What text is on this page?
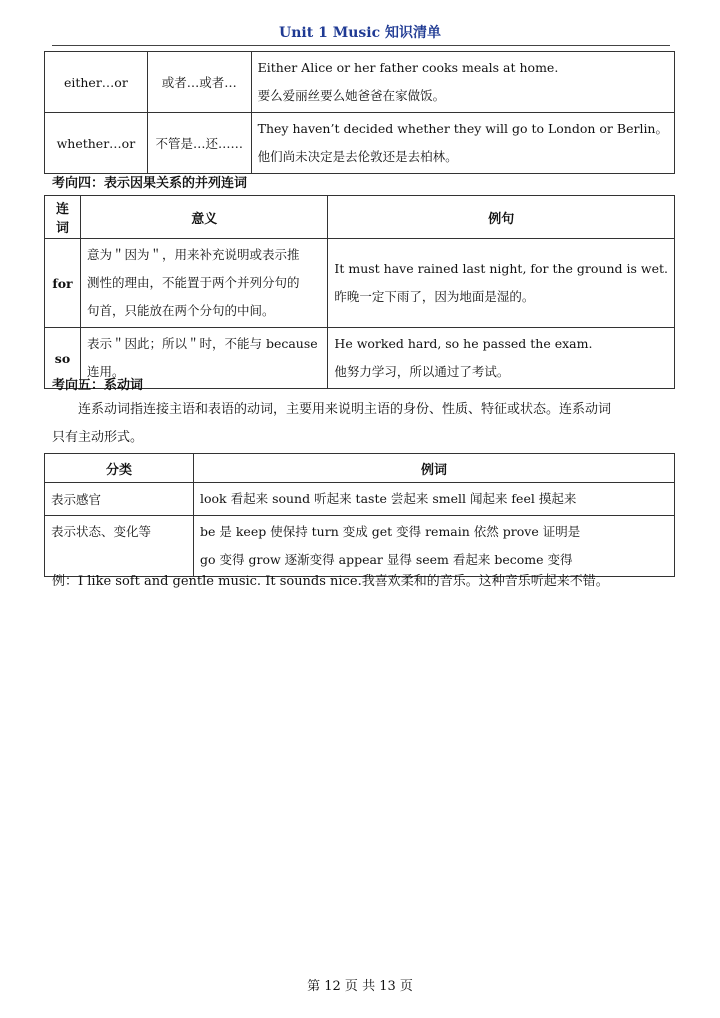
Unit 1 Music 知识清单
either…or	或者…或者…	Either Alice or her father cooks meals at home.
要么爱丽丝要么她爸爸在家做饭。

whether…or	不管是…还……	They haven’t decided whether they will go to London or Berlin。
他们尚未决定是去伦敦还是去柏林。
考向四：表示因果关系的并列连词
连词	意义	例句
for	意为＂因为＂，用来补充说明或表示推
测性的理由，不能置于两个并列分句的
句首，只能放在两个分句的中间。	It must have rained last night, for the ground is wet.
昨晚一定下雨了，因为地面是湿的。

so	表示＂因此；所以＂时，不能与 because
连用。	He worked hard, so he passed the exam.
他努力学习，所以通过了考试。
考向五：系动词
连系动词指连接主语和表语的动词，主要用来说明主语的身份、性质、特征或状态。连系动词
只有主动形式。
分类	例词
表示感官	look 看起来 sound 听起来 taste 尝起来 smell 闻起来 feel 摸起来

表示状态、变化等	be 是 keep 使保持 turn 变成 get 变得 remain 依然 prove 证明是
go 变得 grow 逐渐变得 appear 显得 seem 看起来 become 变得
例：I like soft and gentle music. It sounds nice.我喜欢柔和的音乐。这种音乐听起来不错。
第 12 页 共 13 页
